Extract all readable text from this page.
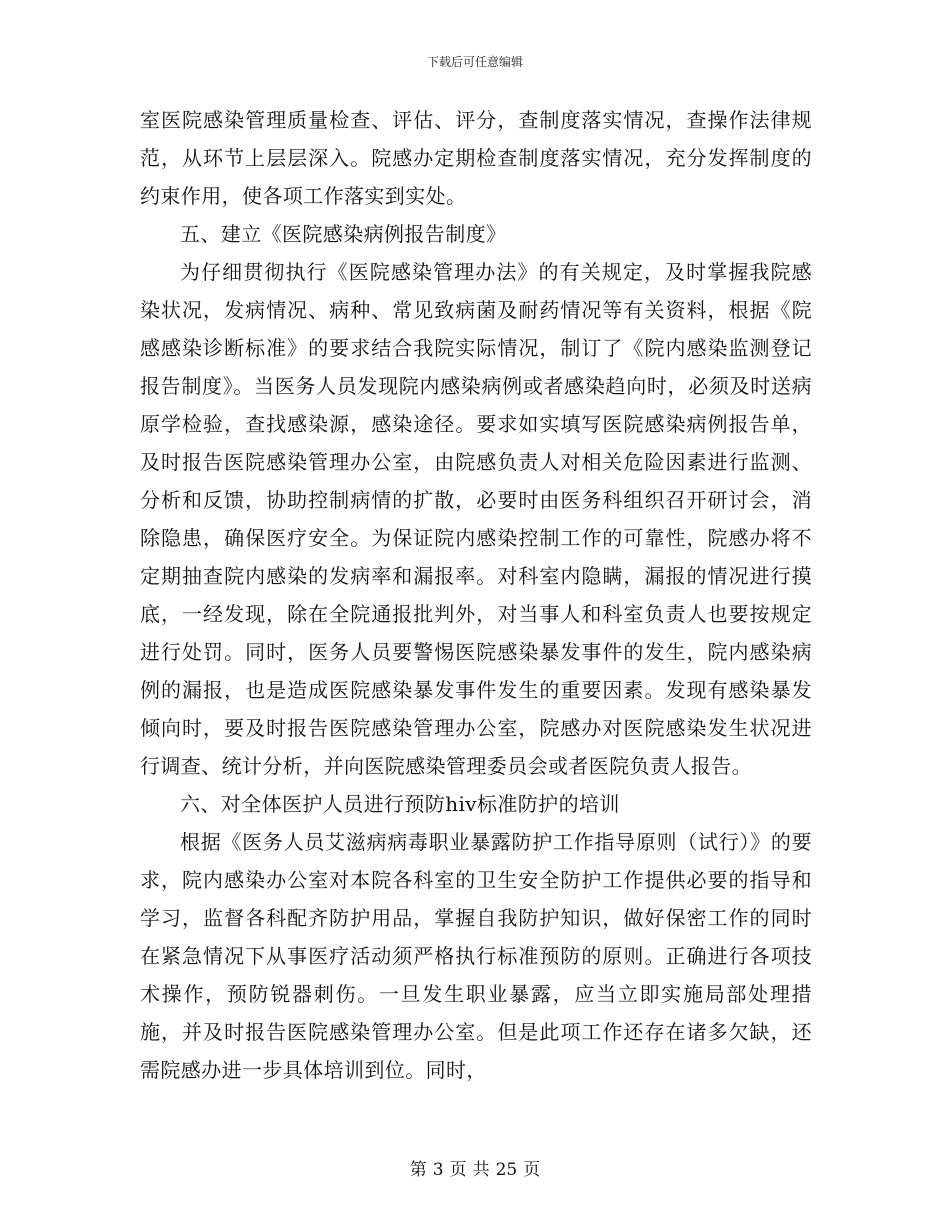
下载后可任意编辑

室医院感染管理质量检查、评估、评分，查制度落实情况，查操作法律规范，从环节上层层深入。院感办定期检查制度落实情况，充分发挥制度的约束作用，使各项工作落实到实处。

五、建立《医院感染病例报告制度》

为仔细贯彻执行《医院感染管理办法》的有关规定，及时掌握我院感染状况，发病情况、病种、常见致病菌及耐药情况等有关资料，根据《院感感染诊断标准》的要求结合我院实际情况，制订了《院内感染监测登记报告制度》。当医务人员发现院内感染病例或者感染趋向时，必须及时送病原学检验，查找感染源，感染途径。要求如实填写医院感染病例报告单，及时报告医院感染管理办公室，由院感负责人对相关危险因素进行监测、分析和反馈，协助控制病情的扩散，必要时由医务科组织召开研讨会，消除隐患，确保医疗安全。为保证院内感染控制工作的可靠性，院感办将不定期抽查院内感染的发病率和漏报率。对科室内隐瞒，漏报的情况进行摸底，一经发现，除在全院通报批判外，对当事人和科室负责人也要按规定进行处罚。同时，医务人员要警惕医院感染暴发事件的发生，院内感染病例的漏报，也是造成医院感染暴发事件发生的重要因素。发现有感染暴发倾向时，要及时报告医院感染管理办公室，院感办对医院感染发生状况进行调查、统计分析，并向医院感染管理委员会或者医院负责人报告。

六、对全体医护人员进行预防hiv标准防护的培训

根据《医务人员艾滋病病毒职业暴露防护工作指导原则（试行）》的要求，院内感染办公室对本院各科室的卫生安全防护工作提供必要的指导和学习，监督各科配齐防护用品，掌握自我防护知识，做好保密工作的同时在紧急情况下从事医疗活动须严格执行标准预防的原则。正确进行各项技术操作，预防锐器刺伤。一旦发生职业暴露，应当立即实施局部处理措施，并及时报告医院感染管理办公室。但是此项工作还存在诸多欠缺，还需院感办进一步具体培训到位。同时，

第 3 页 共 25 页
